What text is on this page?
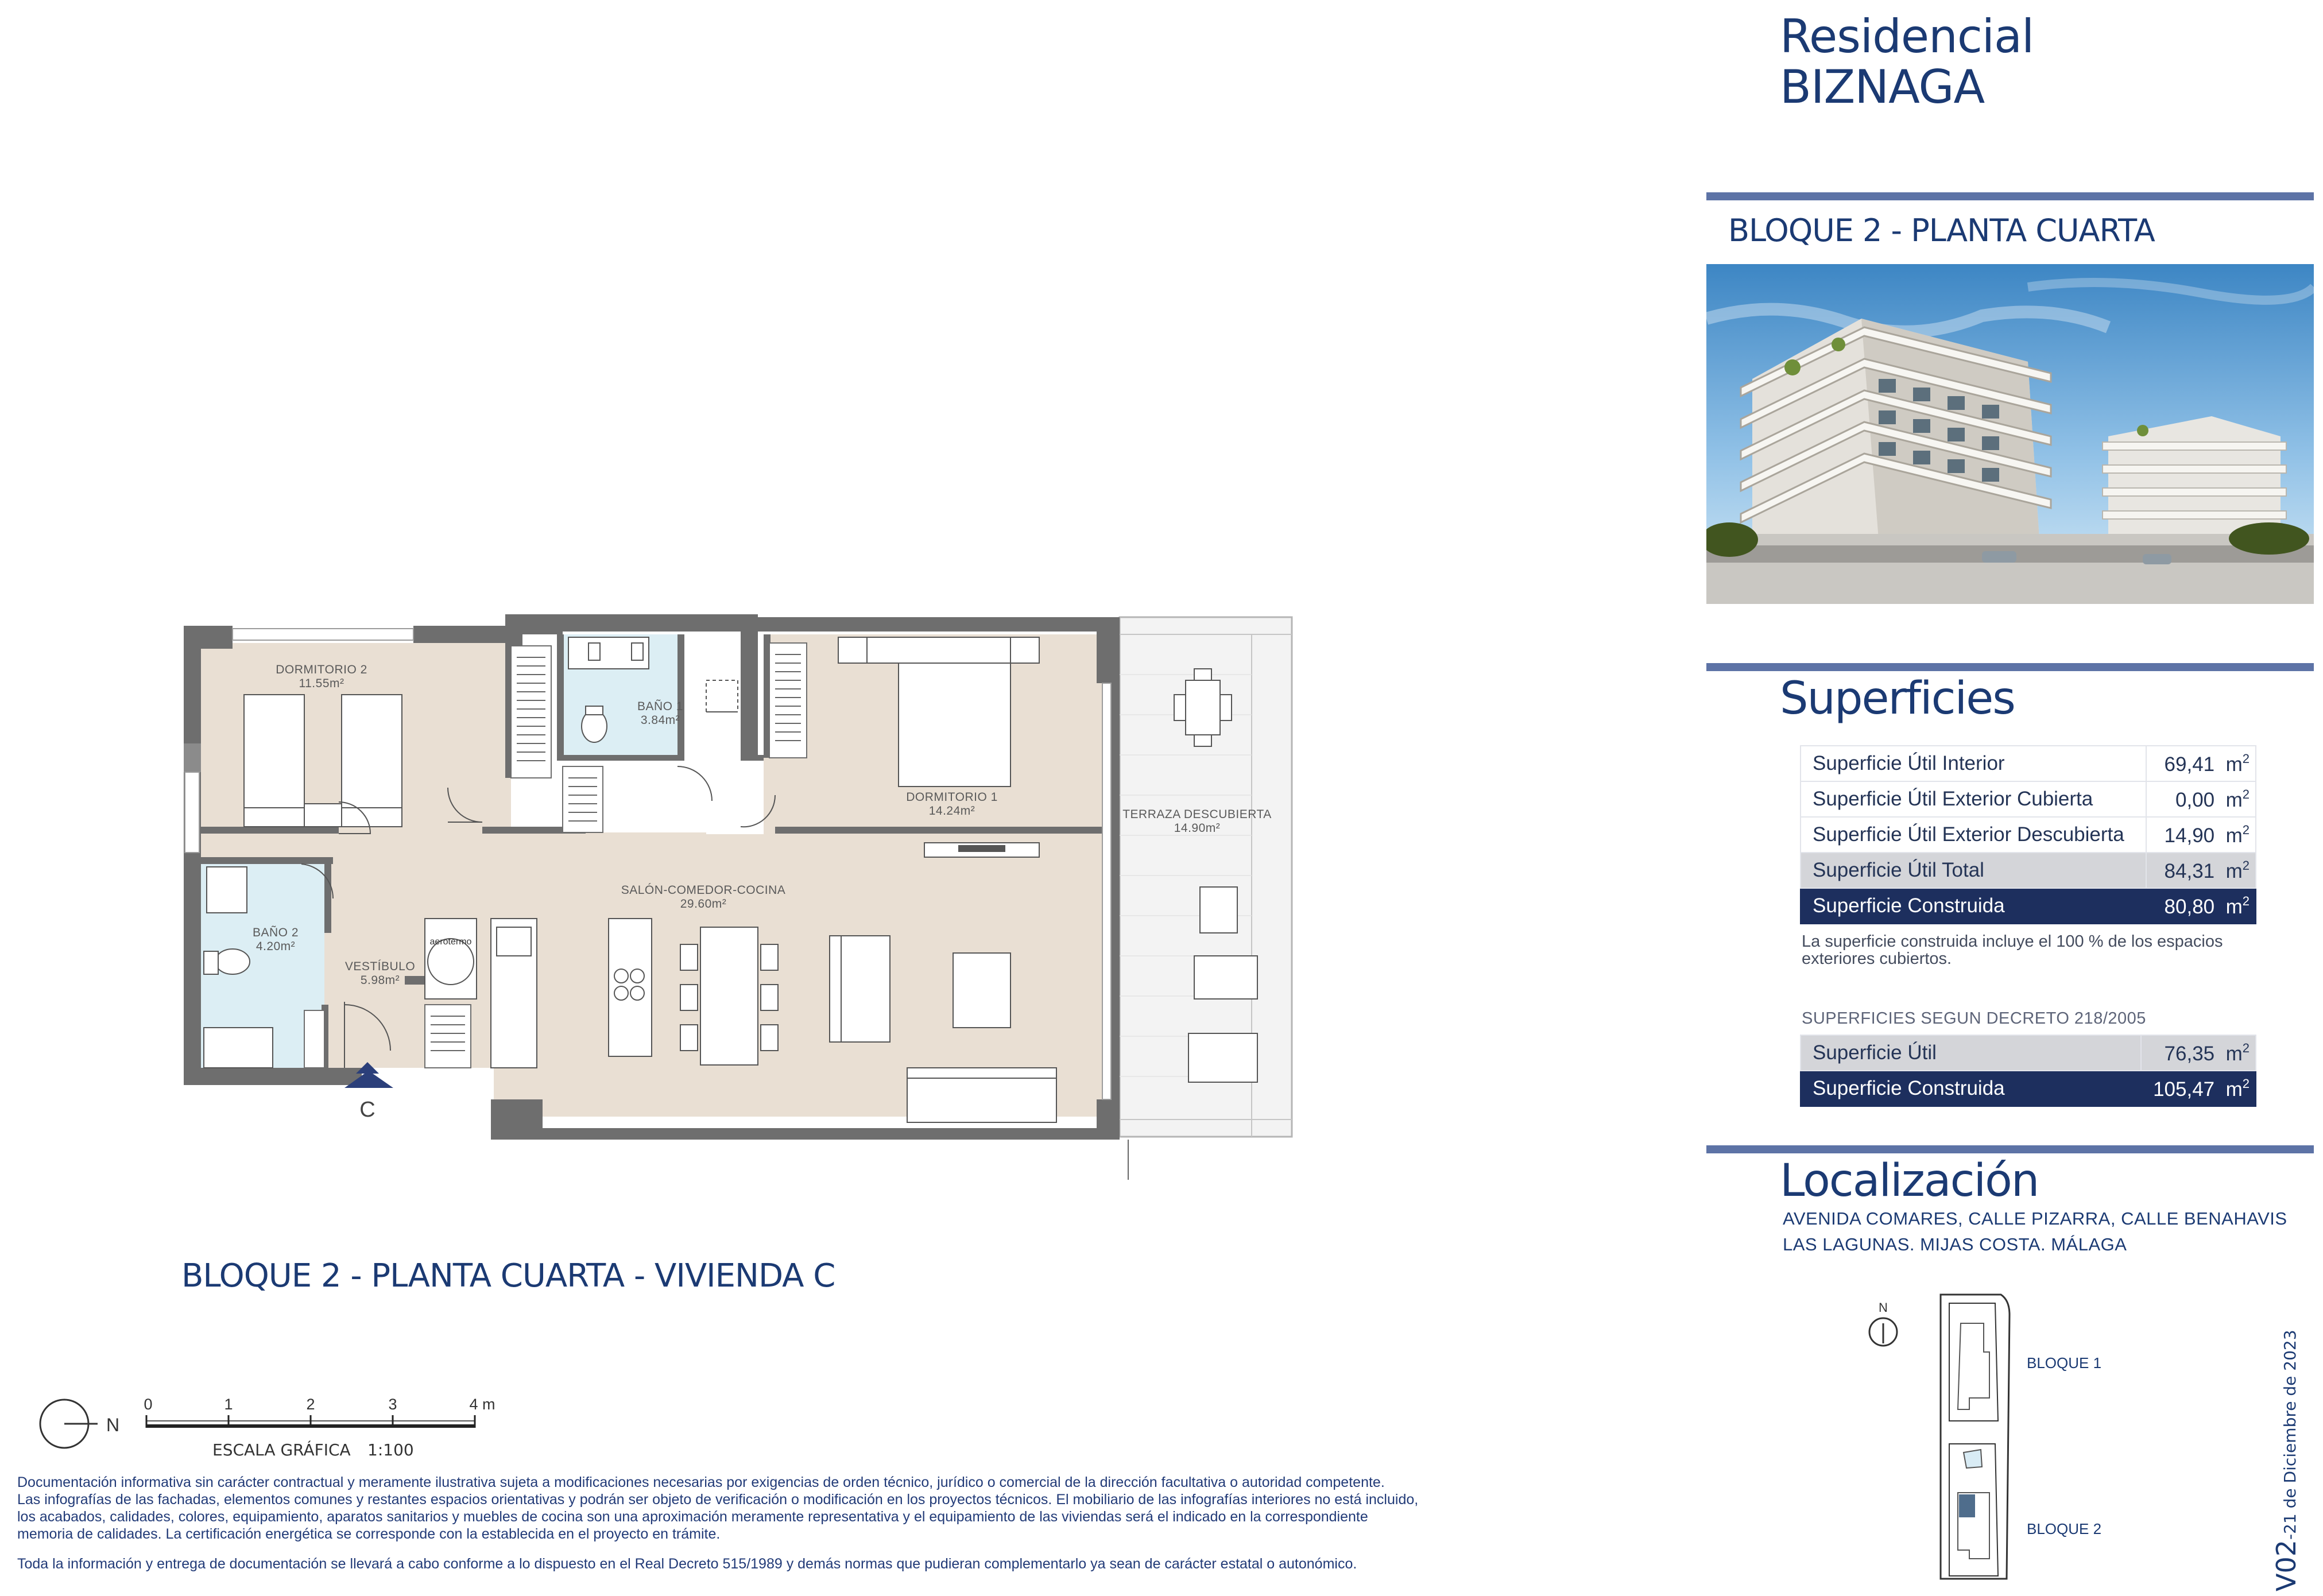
Residencial
BIZNAGA
BLOQUE 2 - PLANTA CUARTA
Superficies
Superficie Útil Interior	69,41 $m^2$
Superficie Útil Exterior Cubierta	0,00 $m^2$
Superficie Útil Exterior Descubierta	14,90 $m^2$
Superficie Útil Total	84,31 $m^2$
Superficie Construida	80,80 $m^2$
La superficie construida incluye el 100 % de los espacios exteriores cubiertos.
SUPERFICIES SEGUN DECRETO 218/2005
Superficie Útil	76,35 $m^2$
Superficie Construida	105,47 $m^2$
Localización
AVENIDA COMARES, CALLE PIZARRA, CALLE BENAHAVIS
LAS LAGUNAS. MIJAS COSTA. MÁLAGA
N
BLOQUE 1
BLOQUE 2
V02-21 de Diciembre de 2023
aerotermo
DORMITORIO 2
11.55m²
BAÑO 1
3.84m²
DORMITORIO 1
14.24m²	TERRAZA DESCUBIERTA
14.90m²
SALÓN-COMEDOR-COCINA
29.60m²
BAÑO 2
4.20m²
VESTÍBULO
5.98m²
C
BLOQUE 2 - PLANTA CUARTA - VIVIENDA C
N
0	1	2	3	4 m
ESCALA GRÁFICA 1:100
Documentación informativa sin carácter contractual y meramente ilustrativa sujeta a modificaciones necesarias por exigencias de orden técnico, jurídico o comercial de la dirección facultativa o autoridad competente.
Las infografías de las fachadas, elementos comunes y restantes espacios orientativas y podrán ser objeto de verificación o modificación en los proyectos técnicos. El mobiliario de las infografías interiores no está incluido,
los acabados, calidades, colores, equipamiento, aparatos sanitarios y muebles de cocina son una aproximación meramente representativa y el equipamiento de las viviendas será el indicado en la correspondiente
memoria de calidades. La certificación energética se corresponde con la establecida en el proyecto en trámite.
Toda la información y entrega de documentación se llevará a cabo conforme a lo dispuesto en el Real Decreto 515/1989 y demás normas que pudieran complementarlo ya sean de carácter estatal o autonómico.
